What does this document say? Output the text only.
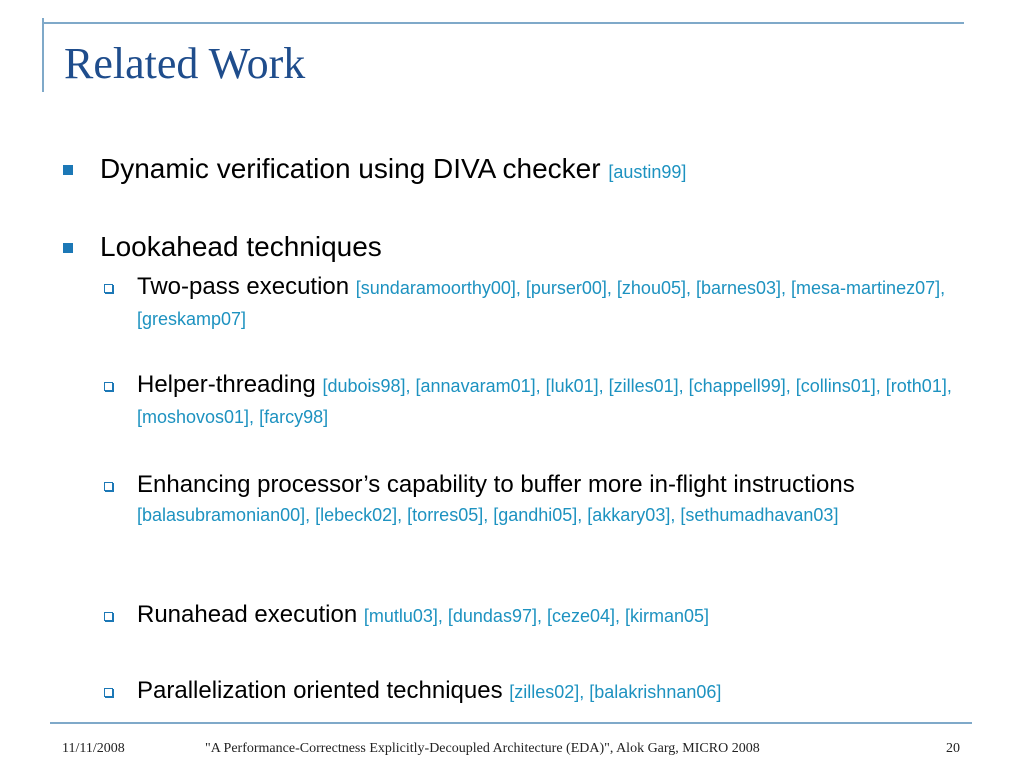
Related Work
Dynamic verification using DIVA checker [austin99]
Lookahead techniques
Two-pass execution [sundaramoorthy00], [purser00], [zhou05], [barnes03], [mesa-martinez07], [greskamp07]
Helper-threading [dubois98], [annavaram01], [luk01], [zilles01], [chappell99], [collins01], [roth01], [moshovos01], [farcy98]
Enhancing processor’s capability to buffer more in-flight instructions [balasubramonian00], [lebeck02], [torres05], [gandhi05], [akkary03], [sethumadhavan03]
Runahead execution [mutlu03], [dundas97], [ceze04], [kirman05]
Parallelization oriented techniques [zilles02], [balakrishnan06]
11/11/2008	"A Performance-Correctness Explicitly-Decoupled Architecture (EDA)", Alok Garg, MICRO 2008	20
